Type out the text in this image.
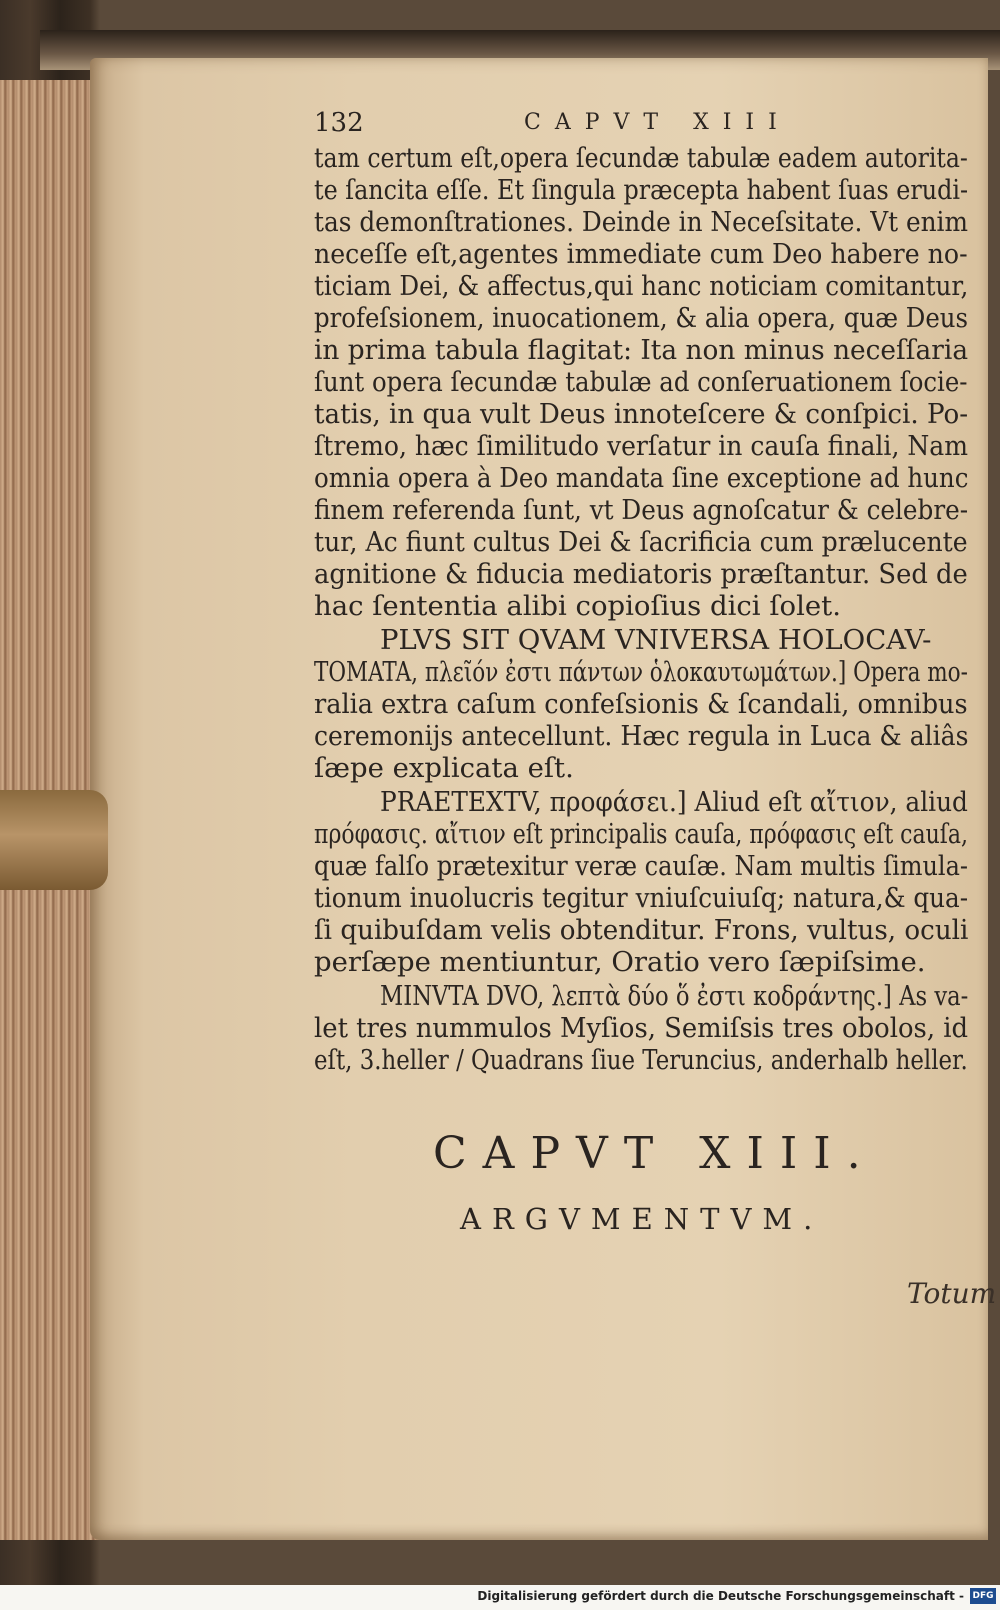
132	CAPVT XIII
tam certum eſt,opera ſecundæ tabulæ eadem autorita-
te ſancita eſſe. Et ſingula præcepta habent ſuas erudi-
tas demonſtrationes. Deinde in Neceſsitate. Vt enim
neceſſe eſt,agentes immediate cum Deo habere no-
ticiam Dei, & affectus,qui hanc noticiam comitantur,
profeſsionem, inuocationem, & alia opera, quæ Deus
in prima tabula flagitat: Ita non minus neceſſaria
ſunt opera ſecundæ tabulæ ad conſeruationem ſocie-
tatis, in qua vult Deus innoteſcere & conſpici. Po-
ſtremo, hæc ſimilitudo verſatur in cauſa finali, Nam
omnia opera à Deo mandata ſine exceptione ad hunc
finem referenda ſunt, vt Deus agnoſcatur & celebre-
tur, Ac fiunt cultus Dei & ſacrificia cum prælucente
agnitione & fiducia mediatoris præſtantur. Sed de
hac ſententia alibi copioſius dici ſolet.
PLVS SIT QVAM VNIVERSA HOLOCAV-
TOMATA, πλεῖόν ἐστι πάντων ὁλοκαυτωμάτων.] Opera mo-
ralia extra caſum confeſsionis & ſcandali, omnibus
ceremonijs antecellunt. Hæc regula in Luca & aliâs
ſæpe explicata eſt.
PRAETEXTV, προφάσει.] Aliud eſt αἴτιον, aliud
πρόφασις. αἴτιον eſt principalis cauſa, πρόφασις eſt cauſa,
quæ falſo prætexitur veræ cauſæ. Nam multis ſimula-
tionum inuolucris tegitur vniuſcuiuſq; natura,& qua-
ſi quibuſdam velis obtenditur. Frons, vultus, oculi
perſæpe mentiuntur, Oratio vero ſæpiſsime.
MINVTA DVO, λεπτὰ δύο ὅ ἐστι κοδράντης.] As va-
let tres nummulos Myſios, Semiſsis tres obolos, id
eſt, 3.heller / Quadrans ſiue Teruncius, anderhalb heller.
CAPVT XIII.
ARGVMENTVM.
Totum
Digitalisierung gefördert durch die Deutsche Forschungsgemeinschaft - DFG
